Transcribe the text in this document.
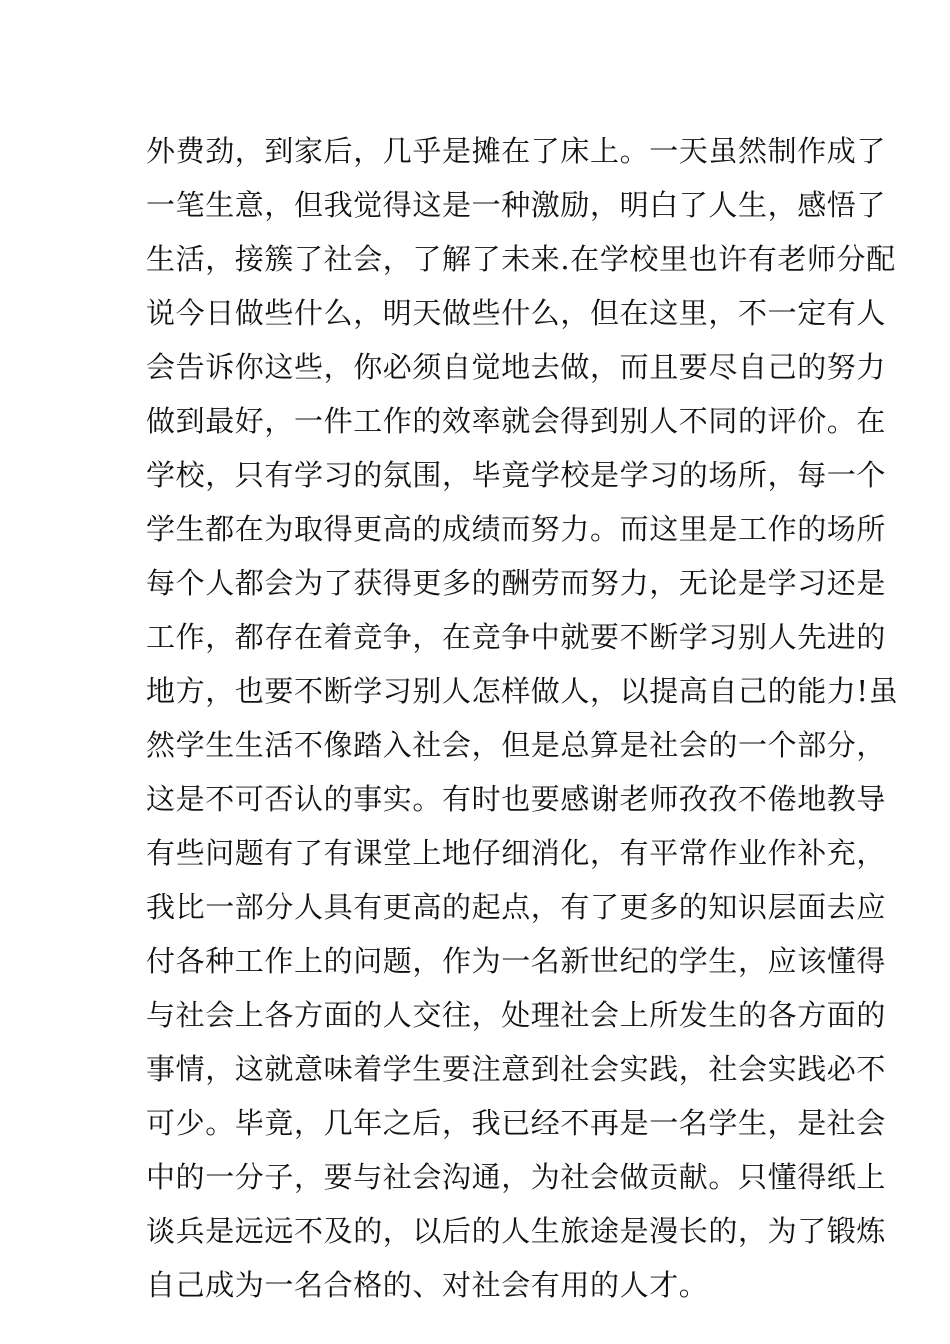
外费劲，到家后，几乎是摊在了床上。一天虽然制作成了
一笔生意，但我觉得这是一种激励，明白了人生，感悟了
生活，接簇了社会，了解了未来.在学校里也许有老师分配
说今日做些什么，明天做些什么，但在这里，不一定有人
会告诉你这些，你必须自觉地去做，而且要尽自己的努力
做到最好，一件工作的效率就会得到别人不同的评价。在
学校，只有学习的氛围，毕竟学校是学习的场所，每一个
学生都在为取得更高的成绩而努力。而这里是工作的场所
每个人都会为了获得更多的酬劳而努力，无论是学习还是
工作，都存在着竞争，在竞争中就要不断学习别人先进的
地方，也要不断学习别人怎样做人，以提高自己的能力!虽
然学生生活不像踏入社会，但是总算是社会的一个部分，
这是不可否认的事实。有时也要感谢老师孜孜不倦地教导
有些问题有了有课堂上地仔细消化，有平常作业作补充，
我比一部分人具有更高的起点，有了更多的知识层面去应
付各种工作上的问题，作为一名新世纪的学生，应该懂得
与社会上各方面的人交往，处理社会上所发生的各方面的
事情，这就意味着学生要注意到社会实践，社会实践必不
可少。毕竟，几年之后，我已经不再是一名学生，是社会
中的一分子，要与社会沟通，为社会做贡献。只懂得纸上
谈兵是远远不及的，以后的人生旅途是漫长的，为了锻炼
自己成为一名合格的、对社会有用的人才。
